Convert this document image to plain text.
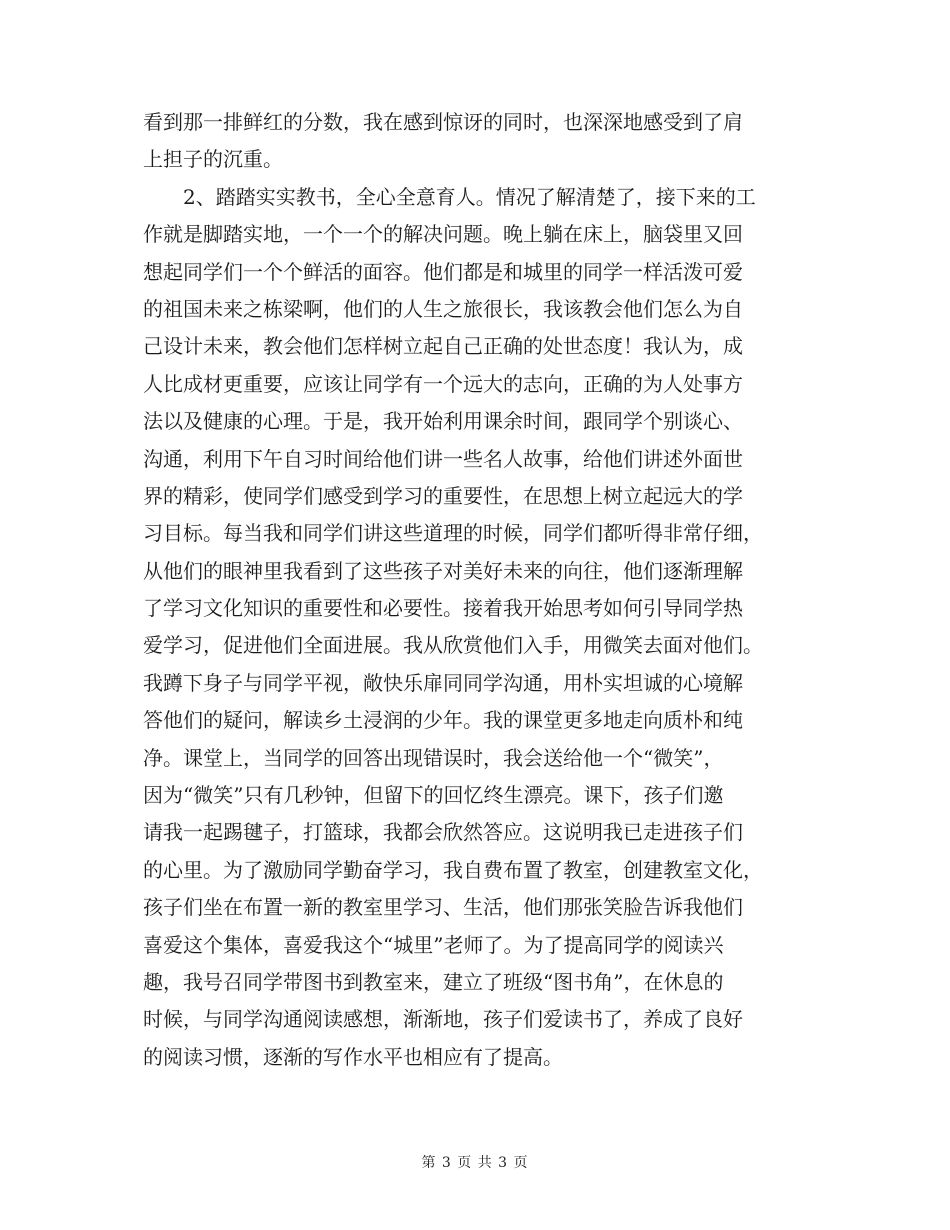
看到那一排鲜红的分数，我在感到惊讶的同时，也深深地感受到了肩
上担子的沉重。
　　2、踏踏实实教书，全心全意育人。情况了解清楚了，接下来的工
作就是脚踏实地，一个一个的解决问题。晚上躺在床上，脑袋里又回
想起同学们一个个鲜活的面容。他们都是和城里的同学一样活泼可爱
的祖国未来之栋梁啊，他们的人生之旅很长，我该教会他们怎么为自
己设计未来，教会他们怎样树立起自己正确的处世态度！我认为，成
人比成材更重要，应该让同学有一个远大的志向，正确的为人处事方
法以及健康的心理。于是，我开始利用课余时间，跟同学个别谈心、
沟通，利用下午自习时间给他们讲一些名人故事，给他们讲述外面世
界的精彩，使同学们感受到学习的重要性，在思想上树立起远大的学
习目标。每当我和同学们讲这些道理的时候，同学们都听得非常仔细，
从他们的眼神里我看到了这些孩子对美好未来的向往，他们逐渐理解
了学习文化知识的重要性和必要性。接着我开始思考如何引导同学热
爱学习，促进他们全面进展。我从欣赏他们入手，用微笑去面对他们。
我蹲下身子与同学平视，敞快乐扉同同学沟通，用朴实坦诚的心境解
答他们的疑问，解读乡土浸润的少年。我的课堂更多地走向质朴和纯
净。课堂上，当同学的回答出现错误时，我会送给他一个“微笑”，
因为“微笑”只有几秒钟，但留下的回忆终生漂亮。课下，孩子们邀
请我一起踢毽子，打篮球，我都会欣然答应。这说明我已走进孩子们
的心里。为了激励同学勤奋学习，我自费布置了教室，创建教室文化，
孩子们坐在布置一新的教室里学习、生活，他们那张笑脸告诉我他们
喜爱这个集体，喜爱我这个“城里”老师了。为了提高同学的阅读兴
趣，我号召同学带图书到教室来，建立了班级“图书角”，在休息的
时候，与同学沟通阅读感想，渐渐地，孩子们爱读书了，养成了良好
的阅读习惯，逐渐的写作水平也相应有了提高。
第 3 页 共 3 页
